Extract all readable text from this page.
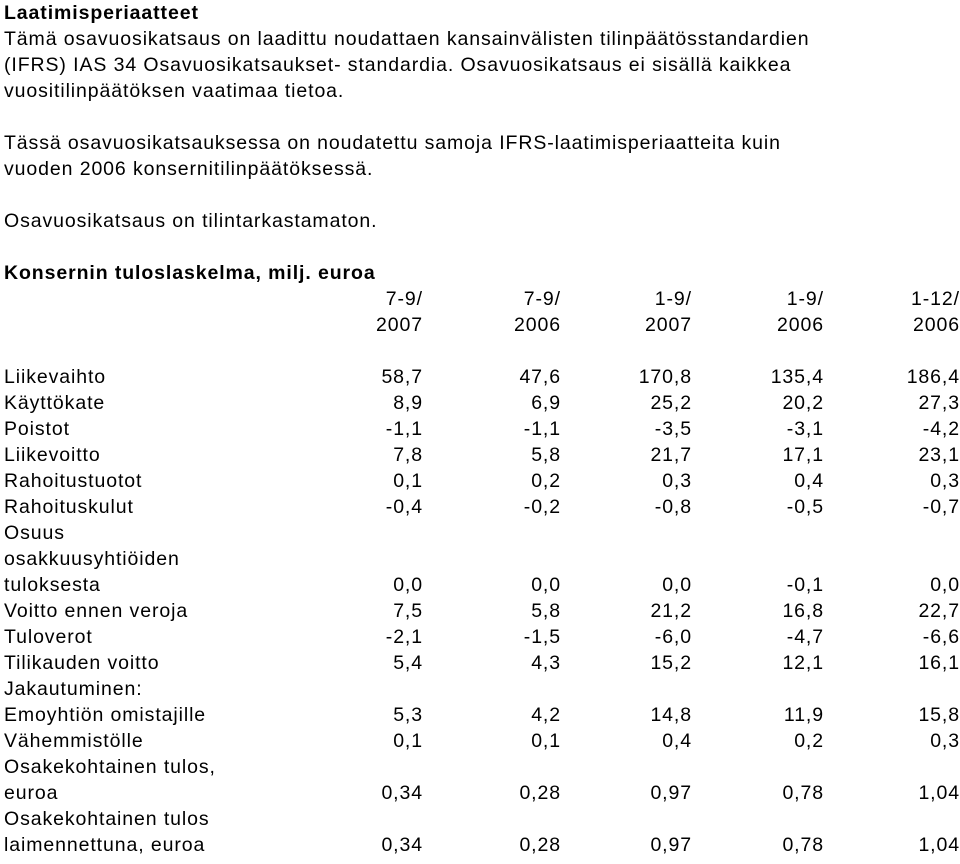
Laatimisperiaatteet
Tämä osavuosikatsaus on laadittu noudattaen kansainvälisten tilinpäätösstandardien
(IFRS) IAS 34 Osavuosikatsaukset- standardia. Osavuosikatsaus ei sisällä kaikkea
vuositilinpäätöksen vaatimaa tietoa.
Tässä osavuosikatsauksessa on noudatettu samoja IFRS-laatimisperiaatteita kuin
vuoden 2006 konsernitilinpäätöksessä.
Osavuosikatsaus on tilintarkastamaton.
Konsernin tuloslaskelma, milj. euroa
	7-9/	7-9/	1-9/	1-9/	1-12/
	2007	2006	2007	2006	2006

Liikevaihto	58,7	47,6	170,8	135,4	186,4
Käyttökate	8,9	6,9	25,2	20,2	27,3
Poistot	-1,1	-1,1	-3,5	-3,1	-4,2
Liikevoitto	7,8	5,8	21,7	17,1	23,1
Rahoitustuotot	0,1	0,2	0,3	0,4	0,3
Rahoituskulut	-0,4	-0,2	-0,8	-0,5	-0,7
Osuus					
osakkuusyhtiöiden					
tuloksesta	0,0	0,0	0,0	-0,1	0,0
Voitto ennen veroja	7,5	5,8	21,2	16,8	22,7
Tuloverot	-2,1	-1,5	-6,0	-4,7	-6,6
Tilikauden voitto	5,4	4,3	15,2	12,1	16,1
Jakautuminen:					
Emoyhtiön omistajille	5,3	4,2	14,8	11,9	15,8
Vähemmistölle	0,1	0,1	0,4	0,2	0,3
Osakekohtainen tulos,					
euroa	0,34	0,28	0,97	0,78	1,04
Osakekohtainen tulos					
laimennettuna, euroa	0,34	0,28	0,97	0,78	1,04
